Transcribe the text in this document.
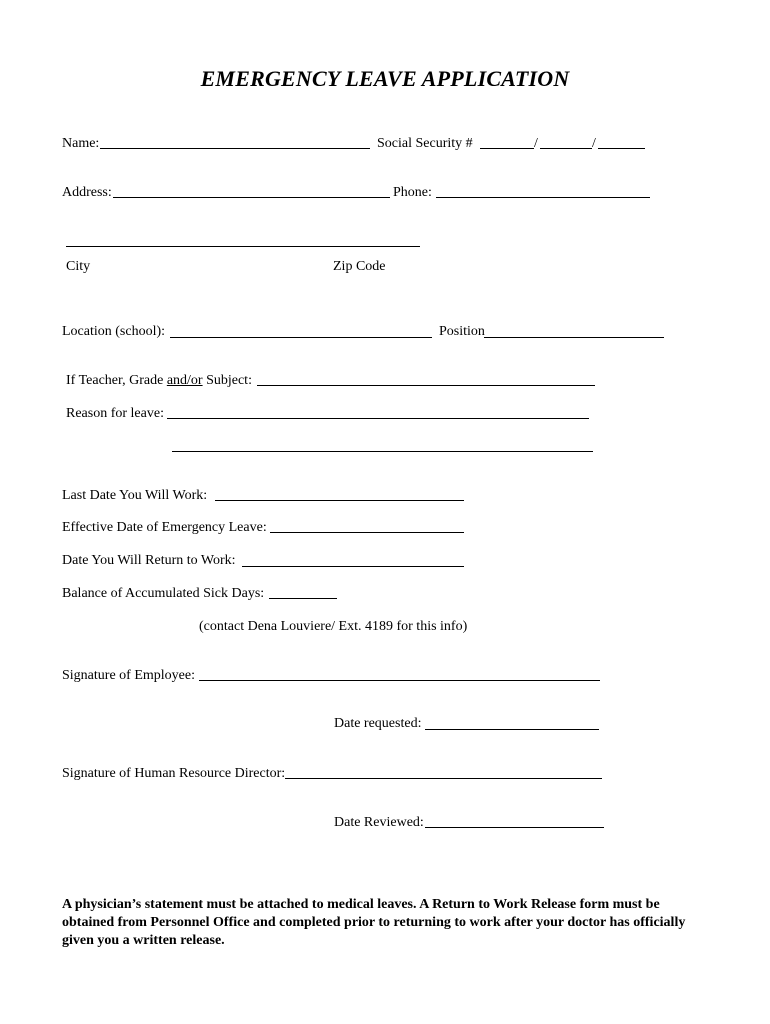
EMERGENCY LEAVE APPLICATION
Name:	Social Security #	/	/
Address:	Phone:
City	Zip Code
Location (school):	Position
If Teacher, Grade and/or Subject:
Reason for leave:
Last Date You Will Work:
Effective Date of Emergency Leave:
Date You Will Return to Work:
Balance of Accumulated Sick Days:
(contact Dena Louviere/ Ext. 4189 for this info)
Signature of Employee:
Date requested:
Signature of Human Resource Director:
Date Reviewed:
A physician’s statement must be attached to medical leaves. A Return to Work Release form must be obtained from Personnel Office and completed prior to returning to work after your doctor has officially given you a written release.
